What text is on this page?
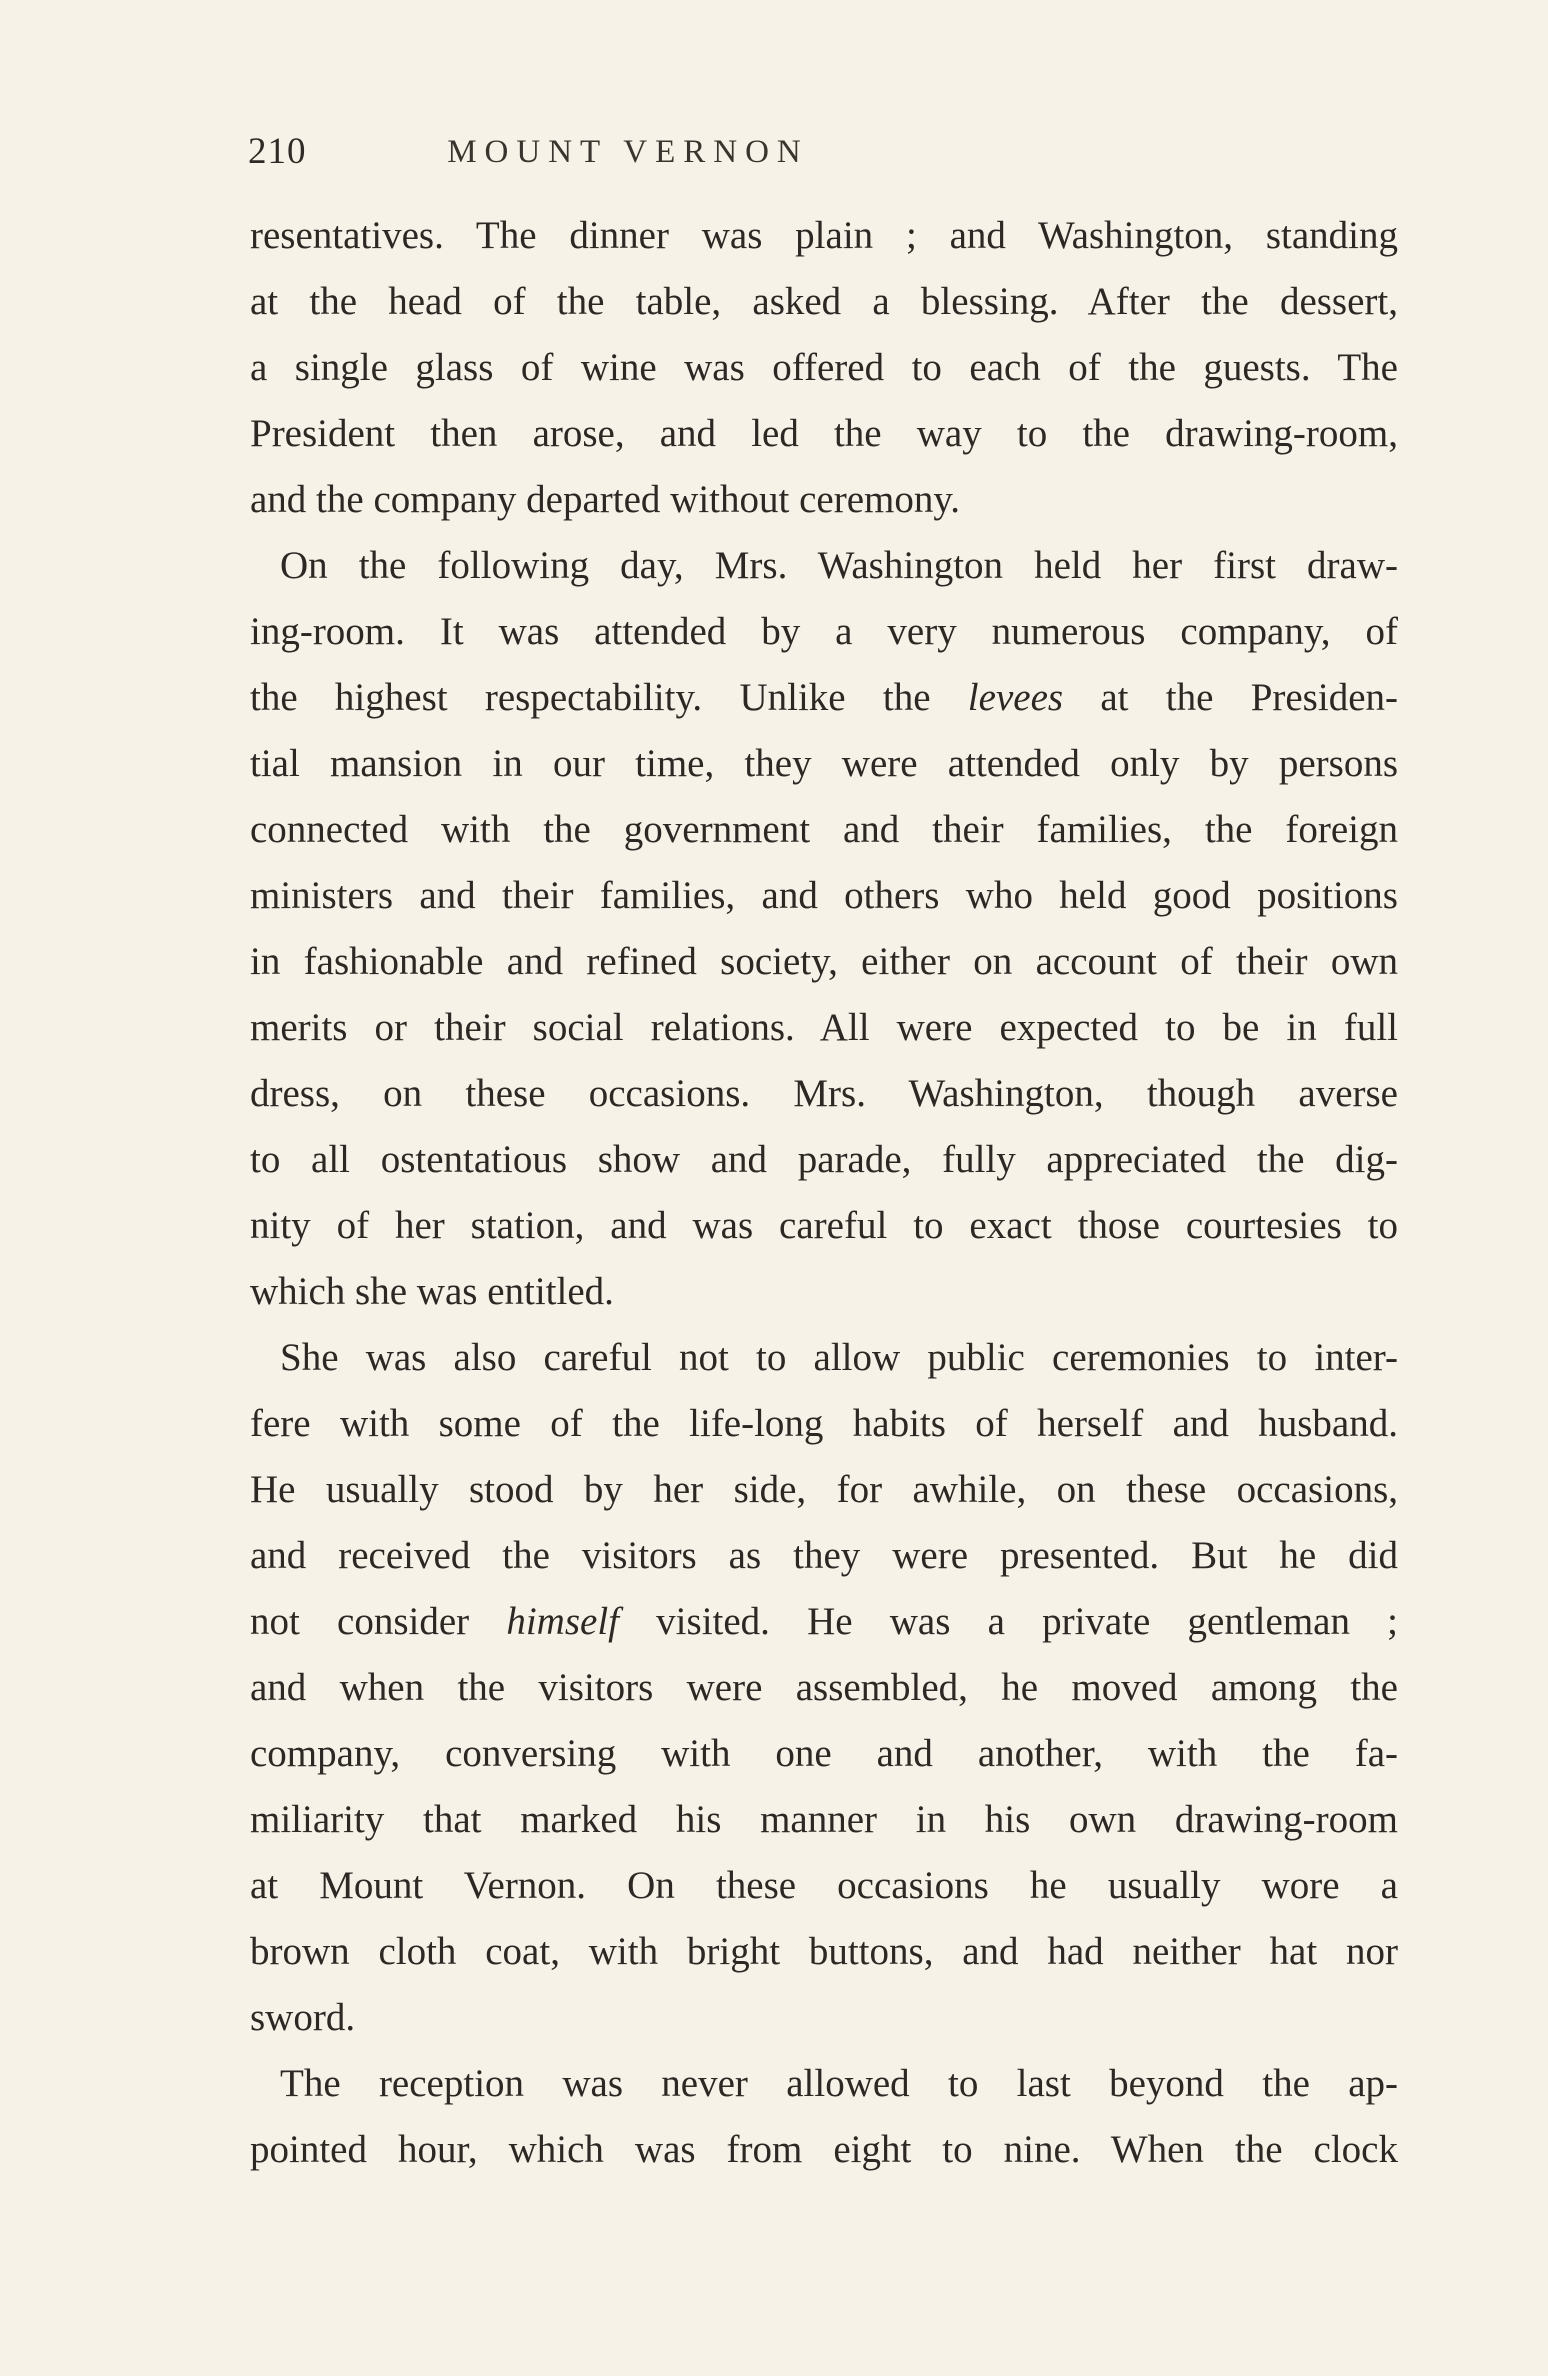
210	MOUNT VERNON
resentatives. The dinner was plain ; and Washington, standing
at the head of the table, asked a blessing. After the dessert,
a single glass of wine was offered to each of the guests. The
President then arose, and led the way to the drawing-room,
and the company departed without ceremony.
On the following day, Mrs. Washington held her first draw-
ing-room. It was attended by a very numerous company, of
the highest respectability. Unlike the levees at the Presiden-
tial mansion in our time, they were attended only by persons
connected with the government and their families, the foreign
ministers and their families, and others who held good positions
in fashionable and refined society, either on account of their own
merits or their social relations. All were expected to be in full
dress, on these occasions. Mrs. Washington, though averse
to all ostentatious show and parade, fully appreciated the dig-
nity of her station, and was careful to exact those courtesies to
which she was entitled.
She was also careful not to allow public ceremonies to inter-
fere with some of the life-long habits of herself and husband.
He usually stood by her side, for awhile, on these occasions,
and received the visitors as they were presented. But he did
not consider himself visited. He was a private gentleman ;
and when the visitors were assembled, he moved among the
company, conversing with one and another, with the fa-
miliarity that marked his manner in his own drawing-room
at Mount Vernon. On these occasions he usually wore a
brown cloth coat, with bright buttons, and had neither hat nor
sword.
The reception was never allowed to last beyond the ap-
pointed hour, which was from eight to nine. When the clock
